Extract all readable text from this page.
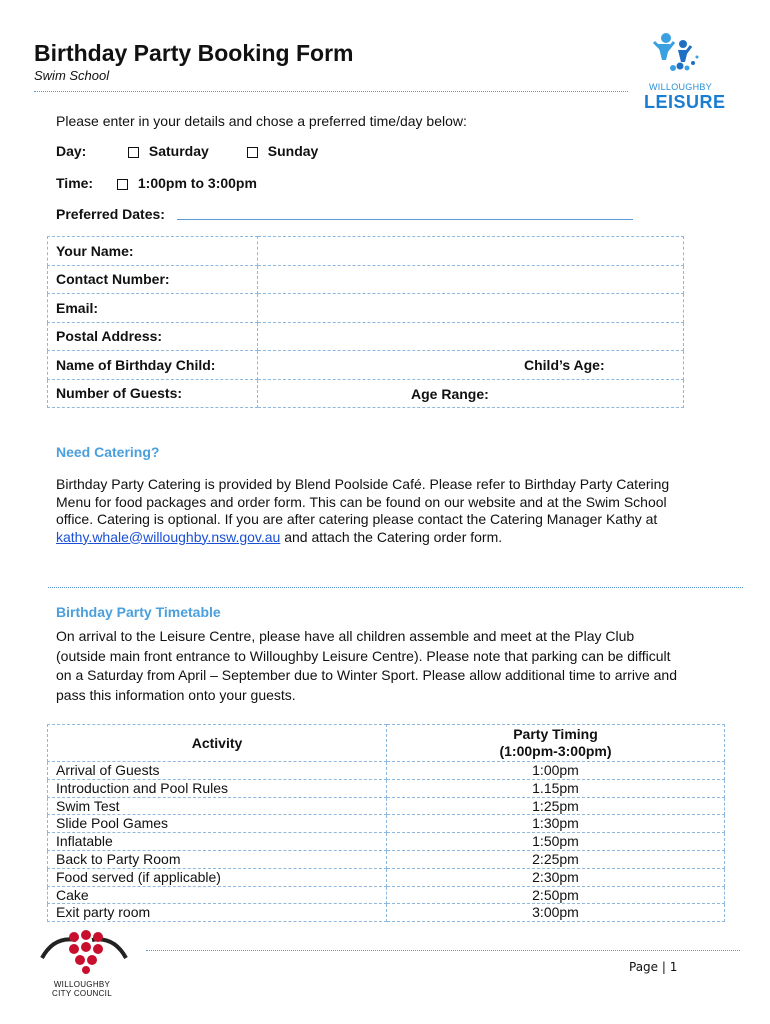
Birthday Party Booking Form
Swim School
WILLOUGHBY
LEISURE
Please enter in your details and chose a preferred time/day below:
Day:	Saturday	Sunday
Time:	1:00pm to 3:00pm
Preferred Dates:
Your Name:	
Contact Number:	
Email:	
Postal Address:	
Name of Birthday Child:	Child’s Age:

Number of Guests:	Age Range:
Need Catering?
Birthday Party Catering is provided by Blend Poolside Café. Please refer to Birthday Party Catering Menu for food packages and order form. This can be found on our website and at the Swim School office. Catering is optional. If you are after catering please contact the Catering Manager Kathy at kathy.whale@willoughby.nsw.gov.au and attach the Catering order form.
Birthday Party Timetable
On arrival to the Leisure Centre, please have all children assemble and meet at the Play Club (outside main front entrance to Willoughby Leisure Centre). Please note that parking can be difficult on a Saturday from April – September due to Winter Sport. Please allow additional time to arrive and pass this information onto your guests.
Activity	Party Timing
(1:00pm-3:00pm)

Arrival of Guests	1:00pm
Introduction and Pool Rules	1.15pm
Swim Test	1:25pm
Slide Pool Games	1:30pm
Inflatable	1:50pm
Back to Party Room	2:25pm
Food served (if applicable)	2:30pm
Cake	2:50pm
Exit party room	3:00pm
WILLOUGHBY
CITY COUNCIL
Page | 1
